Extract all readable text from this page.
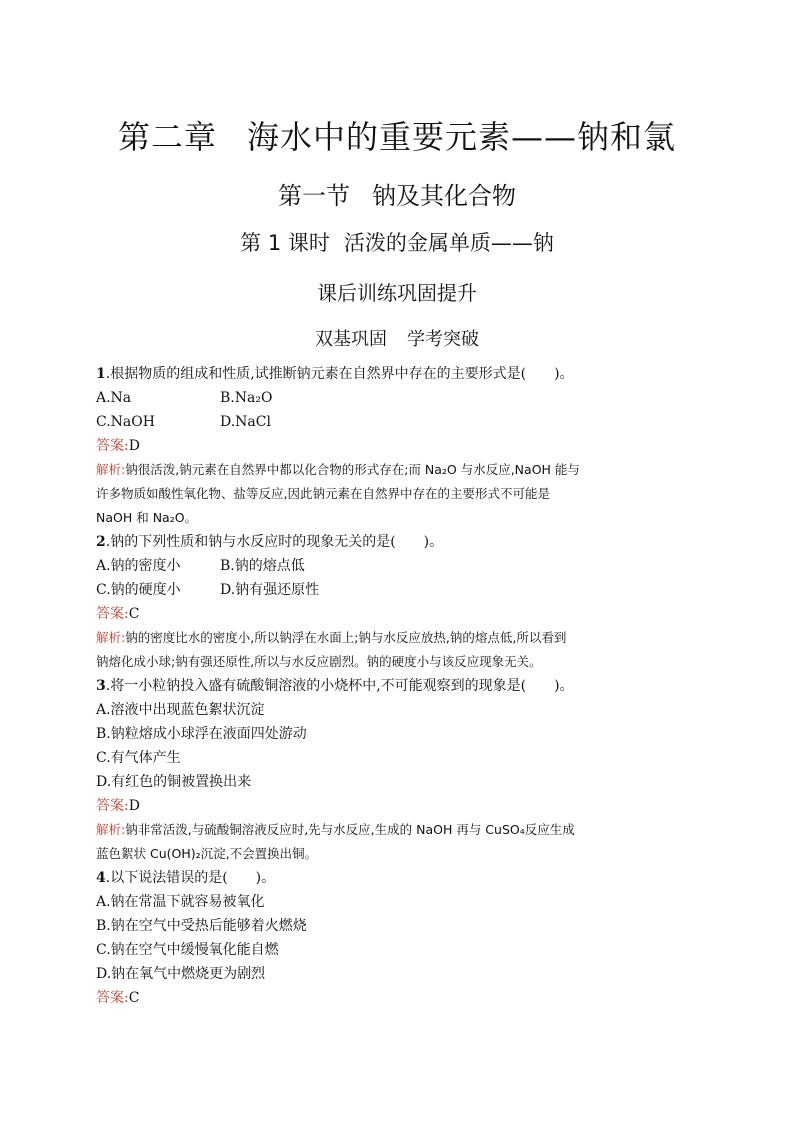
第二章 海水中的重要元素——钠和氯
第一节 钠及其化合物
第 1 课时 活泼的金属单质——钠
课后训练巩固提升
双基巩固 学考突破
1.根据物质的组成和性质,试推断钠元素在自然界中存在的主要形式是(　　)。
A.Na	B.Na₂O
C.NaOH	D.NaCl
答案:D
解析:钠很活泼,钠元素在自然界中都以化合物的形式存在;而 Na₂O 与水反应,NaOH 能与
许多物质如酸性氧化物、盐等反应,因此钠元素在自然界中存在的主要形式不可能是
NaOH 和 Na₂O。
2.钠的下列性质和钠与水反应时的现象无关的是(　　)。
A.钠的密度小	B.钠的熔点低
C.钠的硬度小	D.钠有强还原性
答案:C
解析:钠的密度比水的密度小,所以钠浮在水面上;钠与水反应放热,钠的熔点低,所以看到
钠熔化成小球;钠有强还原性,所以与水反应剧烈。钠的硬度小与该反应现象无关。
3.将一小粒钠投入盛有硫酸铜溶液的小烧杯中,不可能观察到的现象是(　　)。
A.溶液中出现蓝色絮状沉淀
B.钠粒熔成小球浮在液面四处游动
C.有气体产生
D.有红色的铜被置换出来
答案:D
解析:钠非常活泼,与硫酸铜溶液反应时,先与水反应,生成的 NaOH 再与 CuSO₄反应生成
蓝色絮状 Cu(OH)₂沉淀,不会置换出铜。
4.以下说法错误的是(　　)。
A.钠在常温下就容易被氧化
B.钠在空气中受热后能够着火燃烧
C.钠在空气中缓慢氧化能自燃
D.钠在氧气中燃烧更为剧烈
答案:C
